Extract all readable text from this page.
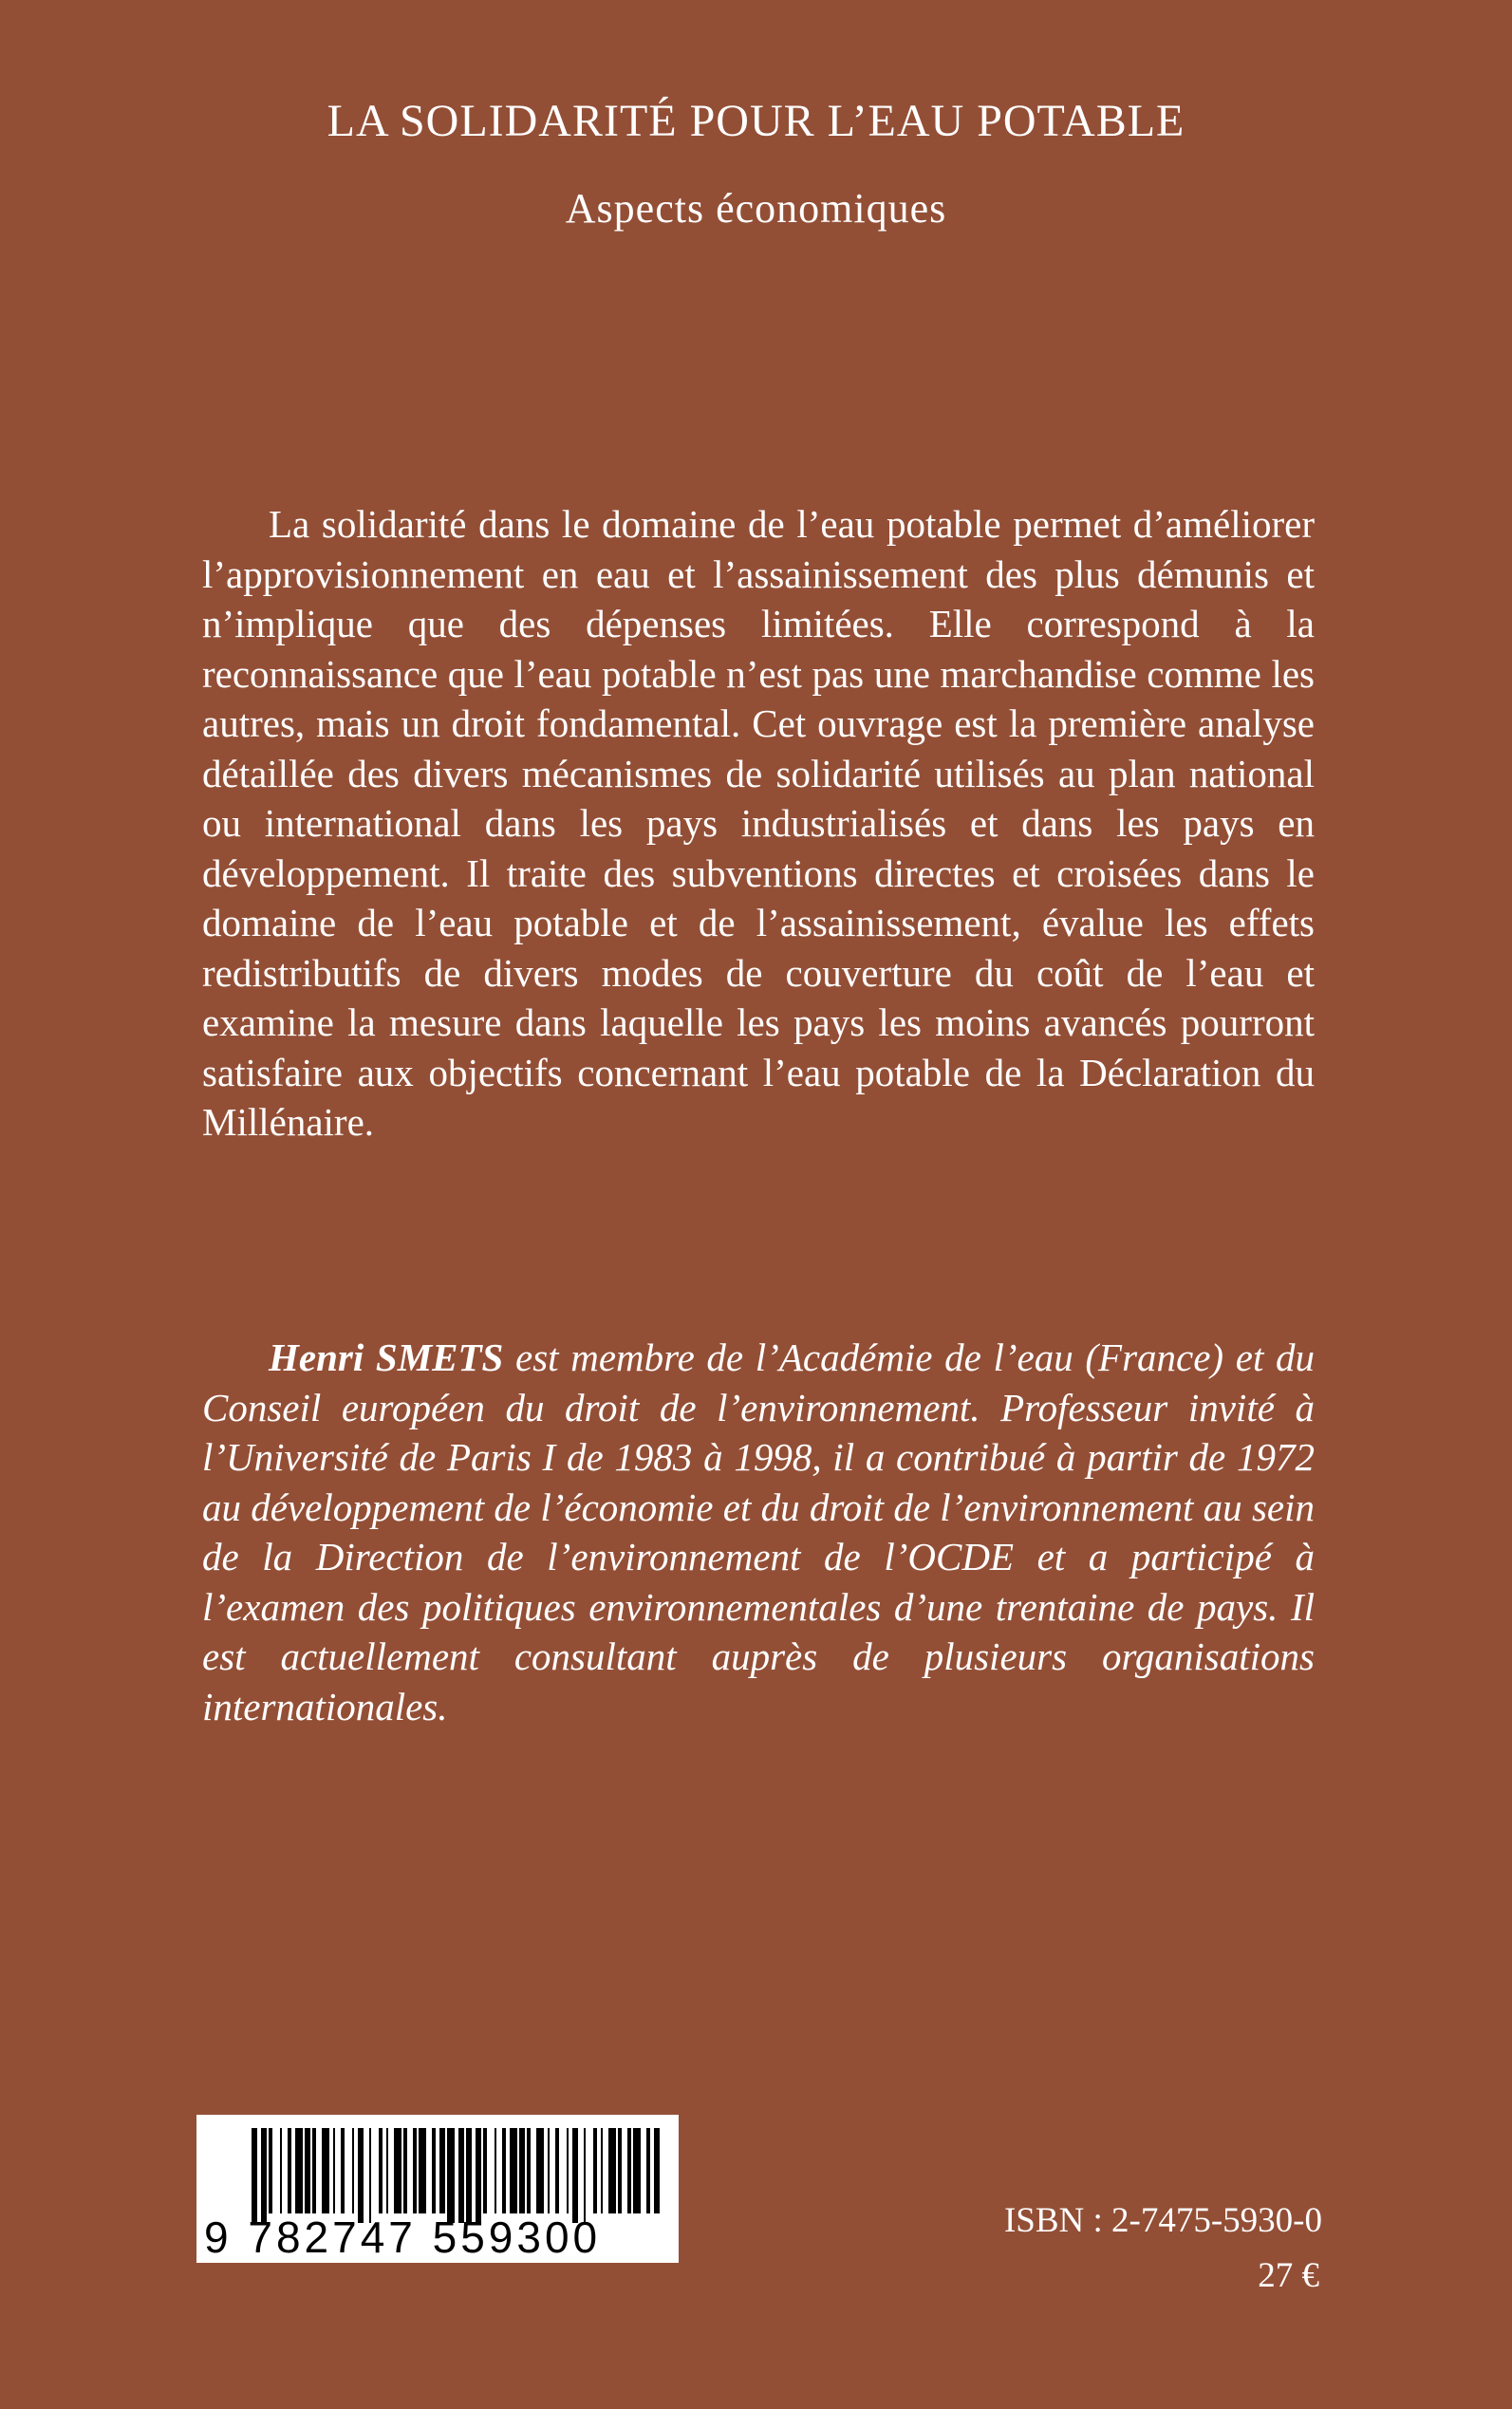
LA SOLIDARITÉ POUR L’EAU POTABLE
Aspects économiques

La solidarité dans le domaine de l’eau potable permet d’améliorer l’approvisionnement en eau et l’assainissement des plus démunis et n’implique que des dépenses limitées. Elle correspond à la reconnaissance que l’eau potable n’est pas une marchandise comme les autres, mais un droit fondamental. Cet ouvrage est la première analyse détaillée des divers mécanismes de solidarité utilisés au plan national ou international dans les pays industrialisés et dans les pays en développement. Il traite des subventions directes et croisées dans le domaine de l’eau potable et de l’assainissement, évalue les effets redistributifs de divers modes de couverture du coût de l’eau et examine la mesure dans laquelle les pays les moins avancés pourront satisfaire aux objectifs concernant l’eau potable de la Déclaration du Millénaire.

Henri SMETS est membre de l’Académie de l’eau (France) et du Conseil européen du droit de l’environnement. Professeur invité à l’Université de Paris I de 1983 à 1998, il a contribué à partir de 1972 au développement de l’économie et du droit de l’environnement au sein de la Direction de l’environnement de l’OCDE et a participé à l’examen des politiques environnementales d’une trentaine de pays. Il est actuellement consultant auprès de plusieurs organisations internationales.

9 782747 559300	ISBN : 2-7475-5930-0
27 €
